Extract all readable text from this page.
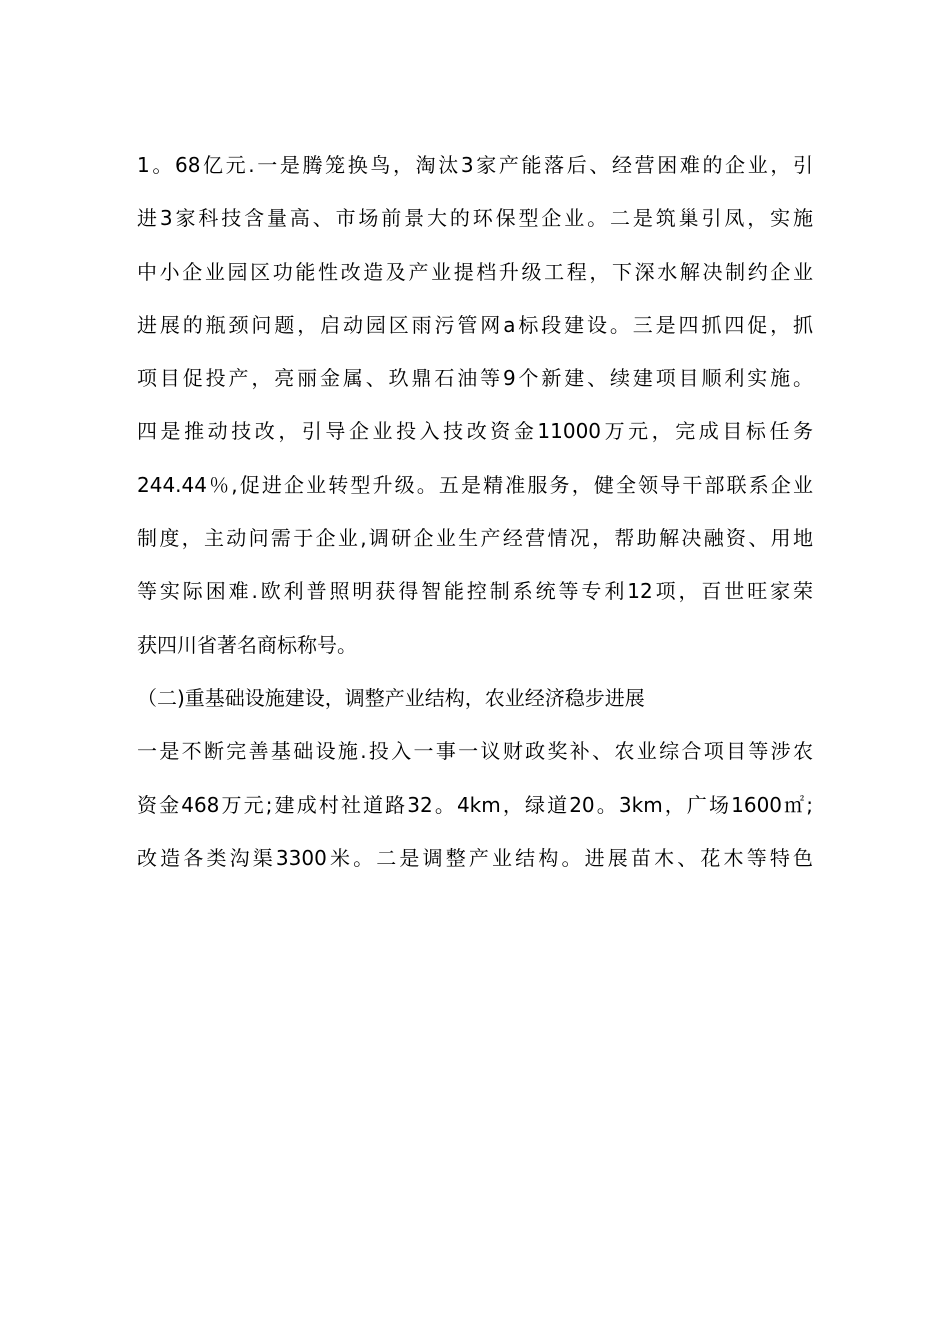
1。68亿元.一是腾笼换鸟，淘汰3家产能落后、经营困难的企业，引
进3家科技含量高、市场前景大的环保型企业。二是筑巢引凤，实施
中小企业园区功能性改造及产业提档升级工程，下深水解决制约企业
进展的瓶颈问题，启动园区雨污管网a标段建设。三是四抓四促，抓
项目促投产，亮丽金属、玖鼎石油等9个新建、续建项目顺利实施。
四是推动技改，引导企业投入技改资金11000万元，完成目标任务
244.44％,促进企业转型升级。五是精准服务，健全领导干部联系企业
制度，主动问需于企业,调研企业生产经营情况，帮助解决融资、用地
等实际困难.欧利普照明获得智能控制系统等专利12项，百世旺家荣
获四川省著名商标称号。
（二)重基础设施建设，调整产业结构，农业经济稳步进展
一是不断完善基础设施.投入一事一议财政奖补、农业综合项目等涉农
资金468万元;建成村社道路32。4km，绿道20。3km，广场1600㎡;
改造各类沟渠3300米。二是调整产业结构。进展苗木、花木等特色
